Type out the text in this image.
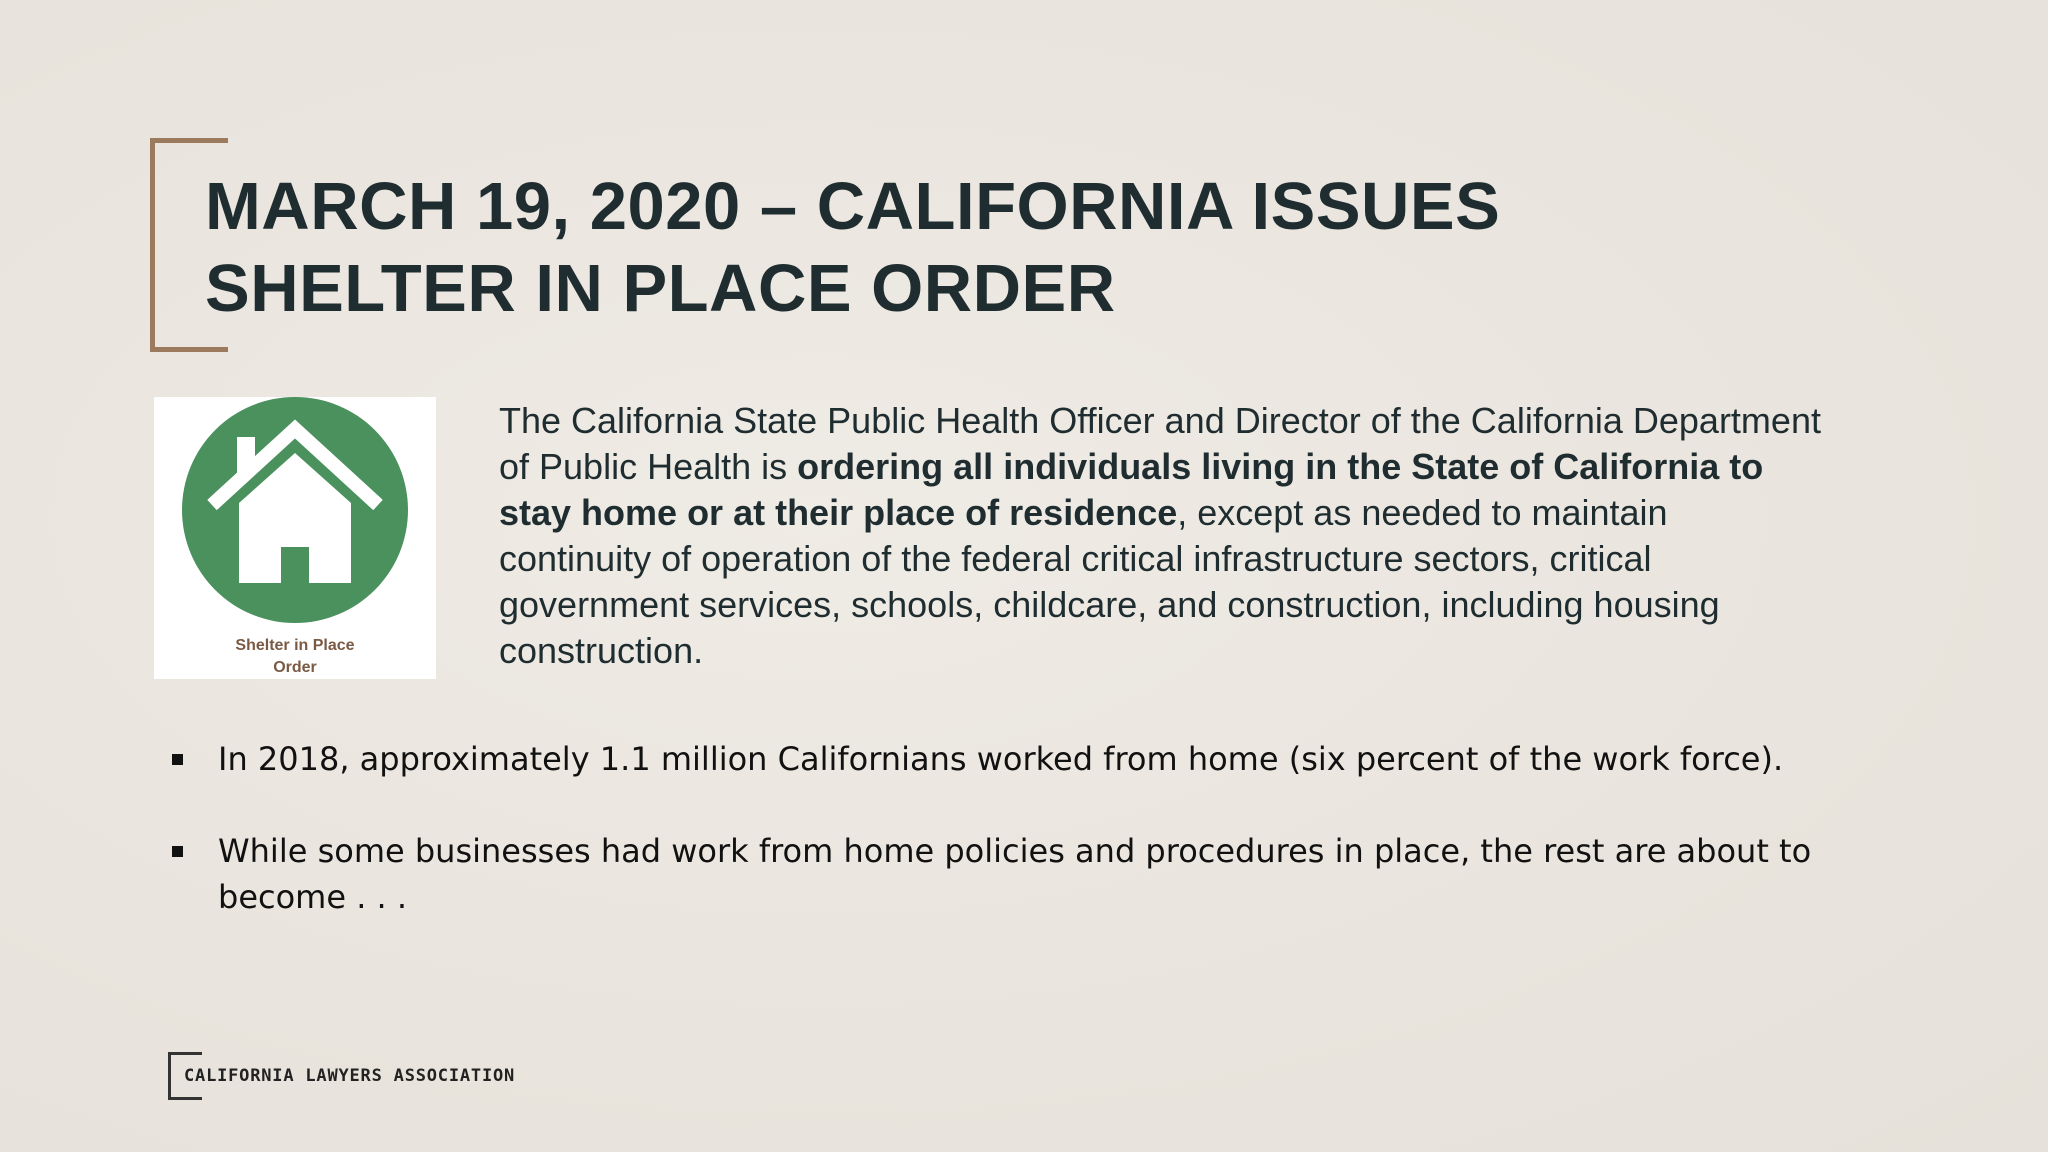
MARCH 19, 2020 – CALIFORNIA ISSUES
SHELTER IN PLACE ORDER
Shelter in Place
Order

The California State Public Health Officer and Director of the California Department of Public Health is ordering all individuals living in the State of California to stay home or at their place of residence, except as needed to maintain continuity of operation of the federal critical infrastructure sectors, critical government services, schools, childcare, and construction, including housing construction.

In 2018, approximately 1.1 million Californians worked from home (six percent of the work force).
While some businesses had work from home policies and procedures in place, the rest are about to become . . .
CALIFORNIA LAWYERS ASSOCIATION
